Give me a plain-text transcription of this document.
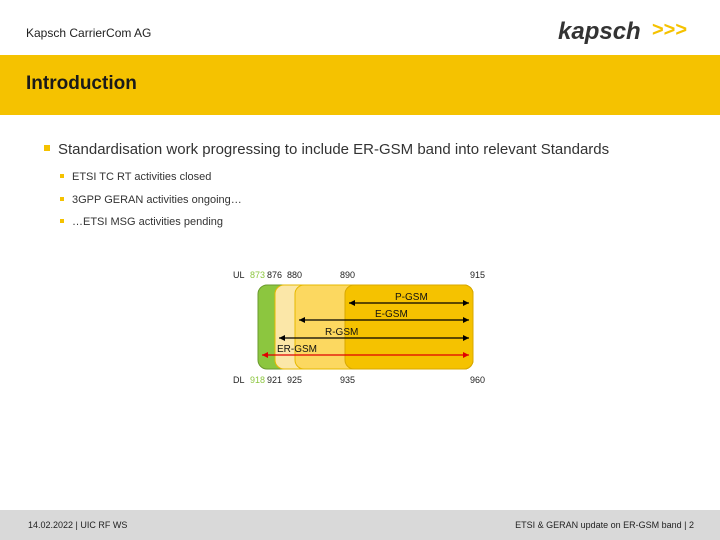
Kapsch CarrierCom AG	kapsch >>>
Introduction
Standardisation work progressing to include ER-GSM band into relevant Standards
ETSI TC RT activities closed
3GPP GERAN activities ongoing…
…ETSI MSG activities pending
P-GSM
E-GSM
R-GSM
ER-GSM
UL 873 876 880	890	915
DL 918 921 925	935	960
14.02.2022 | UIC RF WS	ETSI & GERAN update on ER-GSM band | 2
